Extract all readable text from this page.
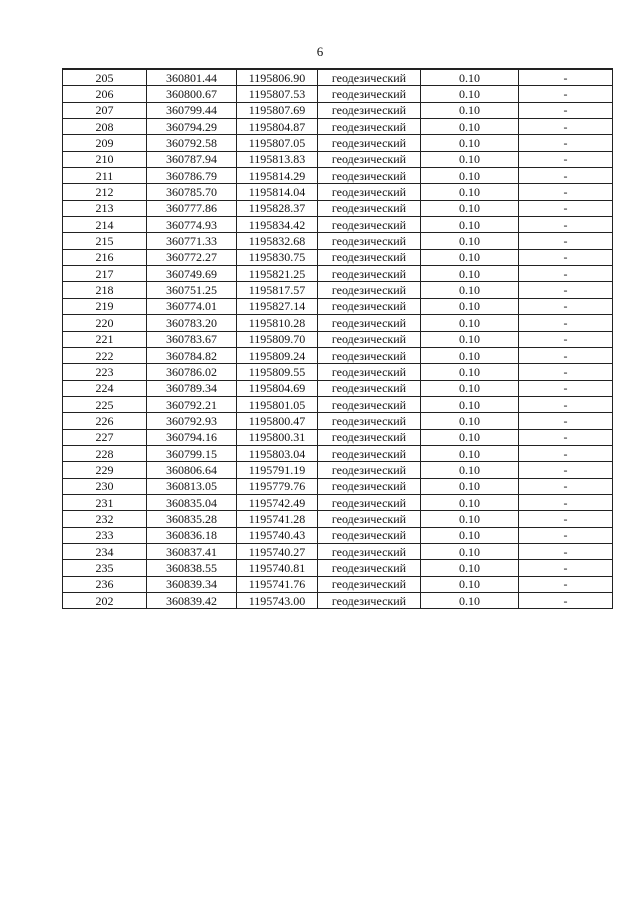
6
205	360801.44	1195806.90	геодезический	0.10	-
206	360800.67	1195807.53	геодезический	0.10	-
207	360799.44	1195807.69	геодезический	0.10	-
208	360794.29	1195804.87	геодезический	0.10	-
209	360792.58	1195807.05	геодезический	0.10	-
210	360787.94	1195813.83	геодезический	0.10	-
211	360786.79	1195814.29	геодезический	0.10	-
212	360785.70	1195814.04	геодезический	0.10	-
213	360777.86	1195828.37	геодезический	0.10	-
214	360774.93	1195834.42	геодезический	0.10	-
215	360771.33	1195832.68	геодезический	0.10	-
216	360772.27	1195830.75	геодезический	0.10	-
217	360749.69	1195821.25	геодезический	0.10	-
218	360751.25	1195817.57	геодезический	0.10	-
219	360774.01	1195827.14	геодезический	0.10	-
220	360783.20	1195810.28	геодезический	0.10	-
221	360783.67	1195809.70	геодезический	0.10	-
222	360784.82	1195809.24	геодезический	0.10	-
223	360786.02	1195809.55	геодезический	0.10	-
224	360789.34	1195804.69	геодезический	0.10	-
225	360792.21	1195801.05	геодезический	0.10	-
226	360792.93	1195800.47	геодезический	0.10	-
227	360794.16	1195800.31	геодезический	0.10	-
228	360799.15	1195803.04	геодезический	0.10	-
229	360806.64	1195791.19	геодезический	0.10	-
230	360813.05	1195779.76	геодезический	0.10	-
231	360835.04	1195742.49	геодезический	0.10	-
232	360835.28	1195741.28	геодезический	0.10	-
233	360836.18	1195740.43	геодезический	0.10	-
234	360837.41	1195740.27	геодезический	0.10	-
235	360838.55	1195740.81	геодезический	0.10	-
236	360839.34	1195741.76	геодезический	0.10	-
202	360839.42	1195743.00	геодезический	0.10	-
